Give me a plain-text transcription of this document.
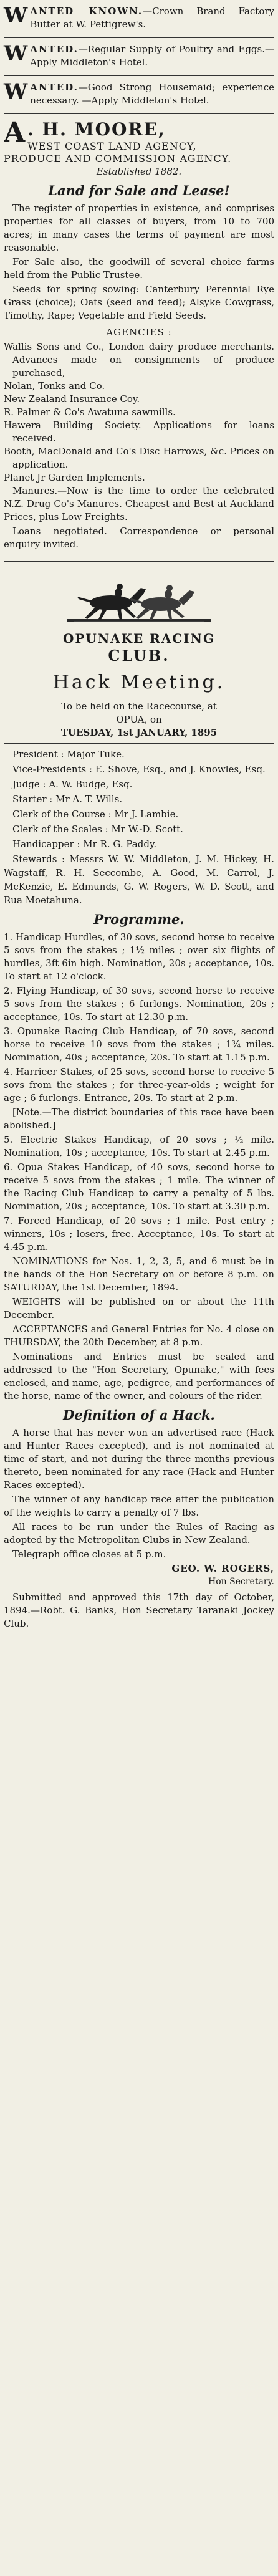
WANTED KNOWN.—Crown Brand Factory Butter at W. Pettigrew's.
WANTED.—Regular Supply of Poultry and Eggs.—Apply Middleton's Hotel.
WANTED.—Good Strong Housemaid; experience necessary. —Apply Middleton's Hotel.
A . H. MOORE,
WEST COAST LAND AGENCY,
PRODUCE AND COMMISSION AGENCY.
Established 1882.
Land for Sale and Lease!

The register of properties in existence, and comprises properties for all classes of buyers, from 10 to 700 acres; in many cases the terms of payment are most reasonable.

For Sale also, the goodwill of several choice farms held from the Public Trustee.

Seeds for spring sowing: Canterbury Perennial Rye Grass (choice); Oats (seed and feed); Alsyke Cowgrass, Timothy, Rape; Vegetable and Field Seeds.

AGENCIES :

Wallis Sons and Co., London dairy produce merchants. Advances made on consignments of produce purchased,

Nolan, Tonks and Co.

New Zealand Insurance Coy.

R. Palmer & Co's Awatuna sawmills.

Hawera Building Society. Applications for loans received.

Booth, MacDonald and Co's Disc Harrows, &c. Prices on application.

Planet Jr Garden Implements.

Manures.—Now is the time to order the celebrated N.Z. Drug Co's Manures. Cheapest and Best at Auckland Prices, plus Low Freights.

Loans negotiated. Correspondence or personal enquiry invited.

OPUNAKE RACING
CLUB.
Hack Meeting.
To be held on the Racecourse, at
OPUA, on
TUESDAY, 1st JANUARY, 1895

President : Major Tuke.

Vice-Presidents : E. Shove, Esq., and J. Knowles, Esq.

Judge : A. W. Budge, Esq.

Starter : Mr A. T. Wills.

Clerk of the Course : Mr J. Lambie.

Clerk of the Scales : Mr W.-D. Scott.

Handicapper : Mr R. G. Paddy.

Stewards : Messrs W. W. Middleton, J. M. Hickey, H. Wagstaff, R. H. Seccombe, A. Good, M. Carrol, J. McKenzie, E. Edmunds, G. W. Rogers, W. D. Scott, and Rua Moetahuna.

Programme.

1. Handicap Hurdles, of 30 sovs, second horse to receive 5 sovs from the stakes ; 1½ miles ; over six flights of hurdles, 3ft 6in high. Nomination, 20s ; acceptance, 10s. To start at 12 o'clock.

2. Flying Handicap, of 30 sovs, second horse to receive 5 sovs from the stakes ; 6 furlongs. Nomination, 20s ; acceptance, 10s. To start at 12.30 p.m.

3. Opunake Racing Club Handicap, of 70 sovs, second horse to receive 10 sovs from the stakes ; 1¾ miles. Nomination, 40s ; acceptance, 20s. To start at 1.15 p.m.

4. Harrieer Stakes, of 25 sovs, second horse to receive 5 sovs from the stakes ; for three-year-olds ; weight for age ; 6 furlongs. Entrance, 20s. To start at 2 p.m.

[Note.—The district boundaries of this race have been abolished.]

5. Electric Stakes Handicap, of 20 sovs ; ½ mile. Nomination, 10s ; acceptance, 10s. To start at 2.45 p.m.

6. Opua Stakes Handicap, of 40 sovs, second horse to receive 5 sovs from the stakes ; 1 mile. The winner of the Racing Club Handicap to carry a penalty of 5 lbs. Nomination, 20s ; acceptance, 10s. To start at 3.30 p.m.

7. Forced Handicap, of 20 sovs ; 1 mile. Post entry ; winners, 10s ; losers, free. Acceptance, 10s. To start at 4.45 p.m.

NOMINATIONS for Nos. 1, 2, 3, 5, and 6 must be in the hands of the Hon Secretary on or before 8 p.m. on SATURDAY, the 1st December, 1894.

WEIGHTS will be published on or about the 11th December.

ACCEPTANCES and General Entries for No. 4 close on THURSDAY, the 20th December, at 8 p.m.

Nominations and Entries must be sealed and addressed to the "Hon Secretary, Opunake," with fees enclosed, and name, age, pedigree, and performances of the horse, name of the owner, and colours of the rider.

Definition of a Hack.

A horse that has never won an advertised race (Hack and Hunter Races excepted), and is not nominated at time of start, and not during the three months previous thereto, been nominated for any race (Hack and Hunter Races excepted).

The winner of any handicap race after the publication of the weights to carry a penalty of 7 lbs.

All races to be run under the Rules of Racing as adopted by the Metropolitan Clubs in New Zealand.

Telegraph office closes at 5 p.m.

GEO. W. ROGERS,
Hon Secretary.

Submitted and approved this 17th day of October, 1894.—Robt. G. Banks, Hon Secretary Taranaki Jockey Club.
